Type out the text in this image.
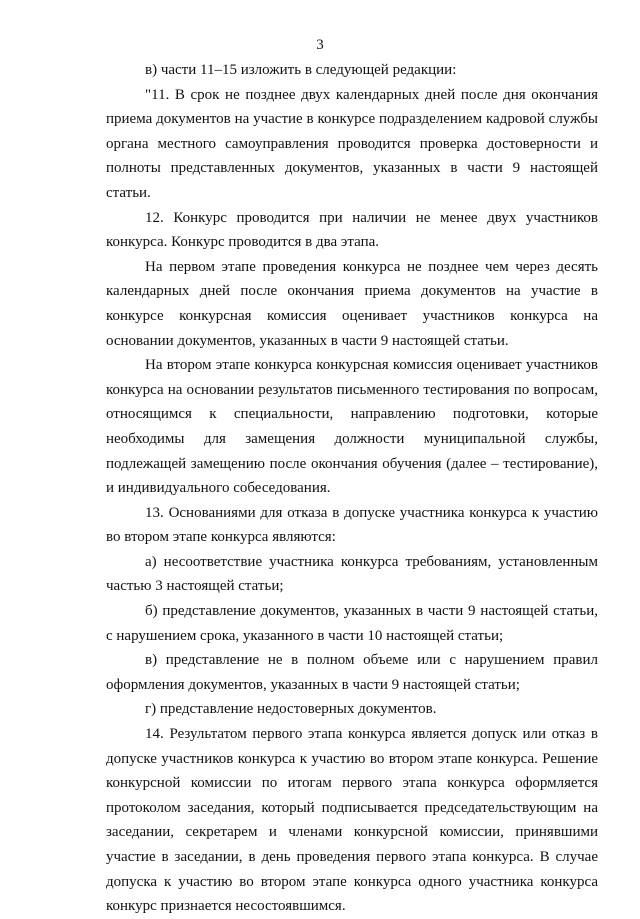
3

в) части 11–15 изложить в следующей редакции:

"11. В срок не позднее двух календарных дней после дня окончания приема документов на участие в конкурсе подразделением кадровой службы органа местного самоуправления проводится проверка достоверности и полноты представленных документов, указанных в части 9 настоящей статьи.

12. Конкурс проводится при наличии не менее двух участников конкурса. Конкурс проводится в два этапа.

На первом этапе проведения конкурса не позднее чем через десять календарных дней после окончания приема документов на участие в конкурсе конкурсная комиссия оценивает участников конкурса на основании документов, указанных в части 9 настоящей статьи.

На втором этапе конкурса конкурсная комиссия оценивает участников конкурса на основании результатов письменного тестирования по вопросам, относящимся к специальности, направлению подготовки, которые необходимы для замещения должности муниципальной службы, подлежащей замещению после окончания обучения (далее – тестирование), и индивидуального собеседования.

13. Основаниями для отказа в допуске участника конкурса к участию во втором этапе конкурса являются:

а) несоответствие участника конкурса требованиям, установленным частью 3 настоящей статьи;

б) представление документов, указанных в части 9 настоящей статьи, с нарушением срока, указанного в части 10 настоящей статьи;

в) представление не в полном объеме или с нарушением правил оформления документов, указанных в части 9 настоящей статьи;

г) представление недостоверных документов.

14. Результатом первого этапа конкурса является допуск или отказ в допуске участников конкурса к участию во втором этапе конкурса. Решение конкурсной комиссии по итогам первого этапа конкурса оформляется протоколом заседания, который подписывается председательствующим на заседании, секретарем и членами конкурсной комиссии, принявшими участие в заседании, в день проведения первого этапа конкурса. В случае допуска к участию во втором этапе конкурса одного участника конкурса конкурс признается несостоявшимся.
